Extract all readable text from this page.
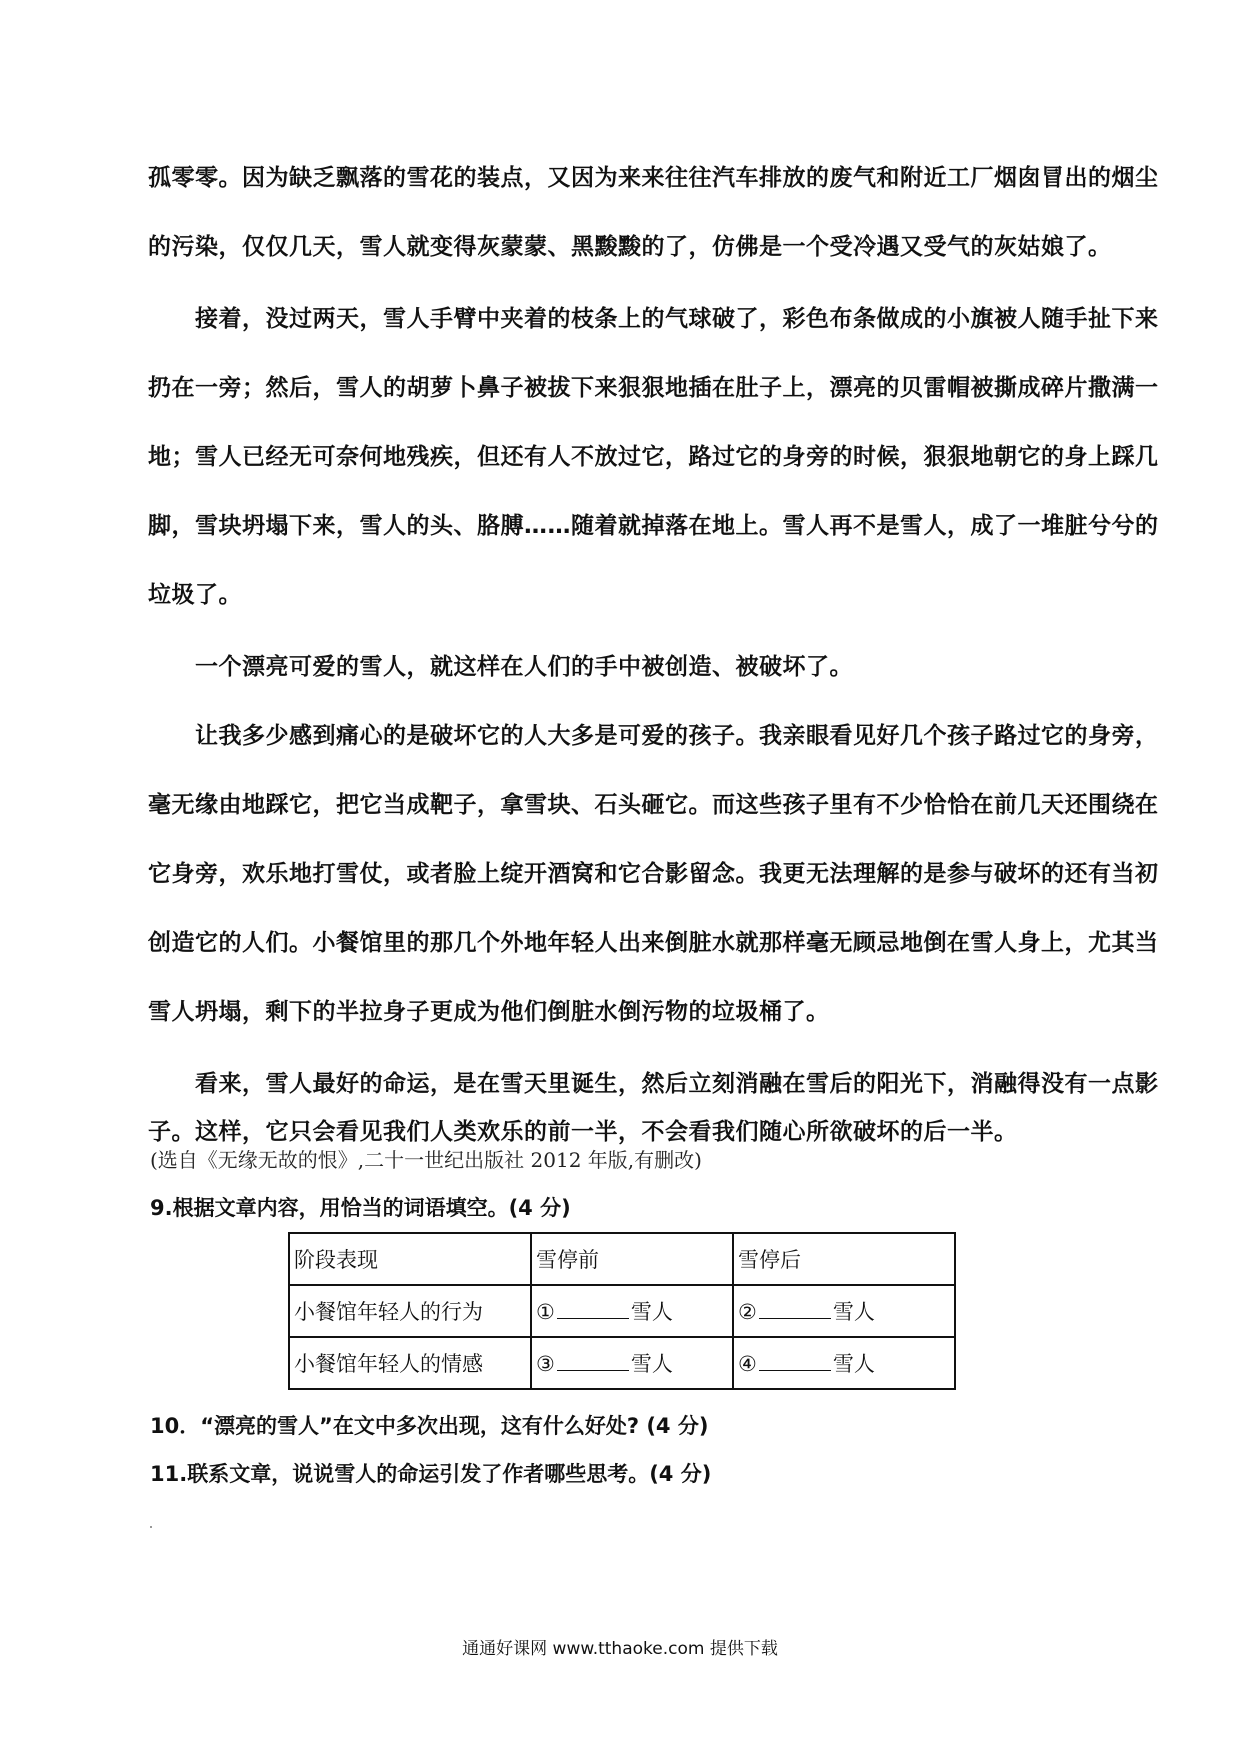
孤零零。因为缺乏飘落的雪花的装点，又因为来来往往汽车排放的废气和附近工厂烟囱冒出的烟尘
的污染，仅仅几天，雪人就变得灰蒙蒙、黑黢黢的了，仿佛是一个受冷遇又受气的灰姑娘了。
　　接着，没过两天，雪人手臂中夹着的枝条上的气球破了，彩色布条做成的小旗被人随手扯下来
扔在一旁；然后，雪人的胡萝卜鼻子被拔下来狠狠地插在肚子上，漂亮的贝雷帽被撕成碎片撒满一
地；雪人已经无可奈何地残疾，但还有人不放过它，路过它的身旁的时候，狠狠地朝它的身上踩几
脚，雪块坍塌下来，雪人的头、胳膊……随着就掉落在地上。雪人再不是雪人，成了一堆脏兮兮的
垃圾了。
　　一个漂亮可爱的雪人，就这样在人们的手中被创造、被破坏了。
　　让我多少感到痛心的是破坏它的人大多是可爱的孩子。我亲眼看见好几个孩子路过它的身旁，
毫无缘由地踩它，把它当成靶子，拿雪块、石头砸它。而这些孩子里有不少恰恰在前几天还围绕在
它身旁，欢乐地打雪仗，或者脸上绽开酒窝和它合影留念。我更无法理解的是参与破坏的还有当初
创造它的人们。小餐馆里的那几个外地年轻人出来倒脏水就那样毫无顾忌地倒在雪人身上，尤其当
雪人坍塌，剩下的半拉身子更成为他们倒脏水倒污物的垃圾桶了。
　　看来，雪人最好的命运，是在雪天里诞生，然后立刻消融在雪后的阳光下，消融得没有一点影
子。这样，它只会看见我们人类欢乐的前一半，不会看我们随心所欲破坏的后一半。
(选自《无缘无故的恨》,二十一世纪出版社 2012 年版,有删改)
9.根据文章内容，用恰当的词语填空。(4 分)
阶段表现	雪停前	雪停后
小餐馆年轻人的行为	① 雪人	② 雪人
小餐馆年轻人的情感	③ 雪人	④ 雪人
10．“漂亮的雪人”在文中多次出现，这有什么好处? (4 分)
11.联系文章，说说雪人的命运引发了作者哪些思考。(4 分)
通通好课网 www.tthaoke.com 提供下载
